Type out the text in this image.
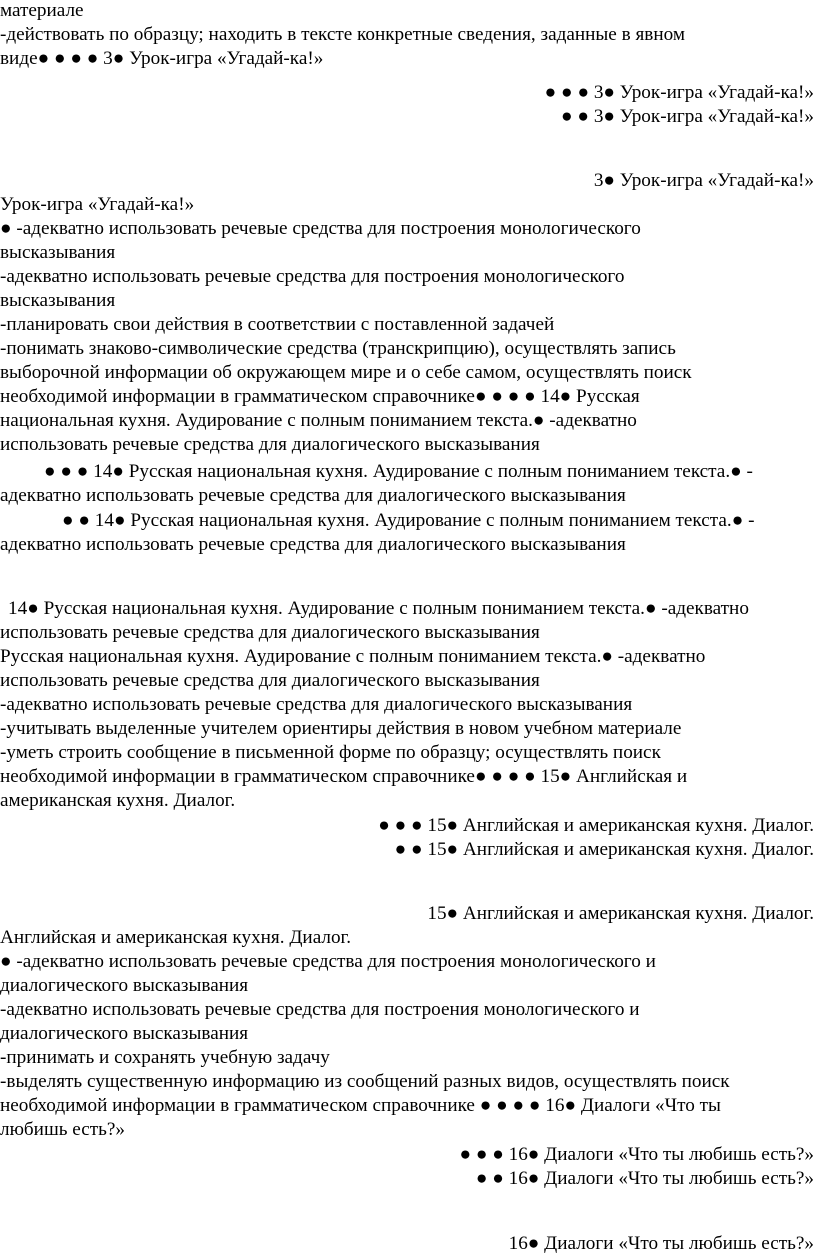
материале
-действовать по образцу; находить в тексте конкретные сведения, заданные в явном
виде● ● ● ● 3● Урок-игра «Угадай-ка!»
● ● ● 3● Урок-игра «Угадай-ка!»
● ● 3● Урок-игра «Угадай-ка!»
3● Урок-игра «Угадай-ка!»
Урок-игра «Угадай-ка!»
● -адекватно использовать речевые средства для построения монологического
высказывания
-адекватно использовать речевые средства для построения монологического
высказывания
-планировать свои действия в соответствии с поставленной задачей
-понимать знаково-символические средства (транскрипцию), осуществлять запись
выборочной информации об окружающем мире и о себе самом, осуществлять поиск
необходимой информации в грамматическом справочнике● ● ● ● 14● Русская
национальная кухня. Аудирование с полным пониманием текста.● -адекватно
использовать речевые средства для диалогического высказывания
● ● ● 14● Русская национальная кухня. Аудирование с полным пониманием текста.● -
адекватно использовать речевые средства для диалогического высказывания
● ● 14● Русская национальная кухня. Аудирование с полным пониманием текста.● -
адекватно использовать речевые средства для диалогического высказывания
14● Русская национальная кухня. Аудирование с полным пониманием текста.● -адекватно
использовать речевые средства для диалогического высказывания
Русская национальная кухня. Аудирование с полным пониманием текста.● -адекватно
использовать речевые средства для диалогического высказывания
-адекватно использовать речевые средства для диалогического высказывания
-учитывать выделенные учителем ориентиры действия в новом учебном материале
-уметь строить сообщение в письменной форме по образцу; осуществлять поиск
необходимой информации в грамматическом справочнике● ● ● ● 15● Английская и
американская кухня. Диалог.
● ● ● 15● Английская и американская кухня. Диалог.
● ● 15● Английская и американская кухня. Диалог.
15● Английская и американская кухня. Диалог.
Английская и американская кухня. Диалог.
● -адекватно использовать речевые средства для построения монологического и
диалогического высказывания
-адекватно использовать речевые средства для построения монологического и
диалогического высказывания
-принимать и сохранять учебную задачу
-выделять существенную информацию из сообщений разных видов, осуществлять поиск
необходимой информации в грамматическом справочнике ● ● ● ● 16● Диалоги «Что ты
любишь есть?»
● ● ● 16● Диалоги «Что ты любишь есть?»
● ● 16● Диалоги «Что ты любишь есть?»
16● Диалоги «Что ты любишь есть?»
